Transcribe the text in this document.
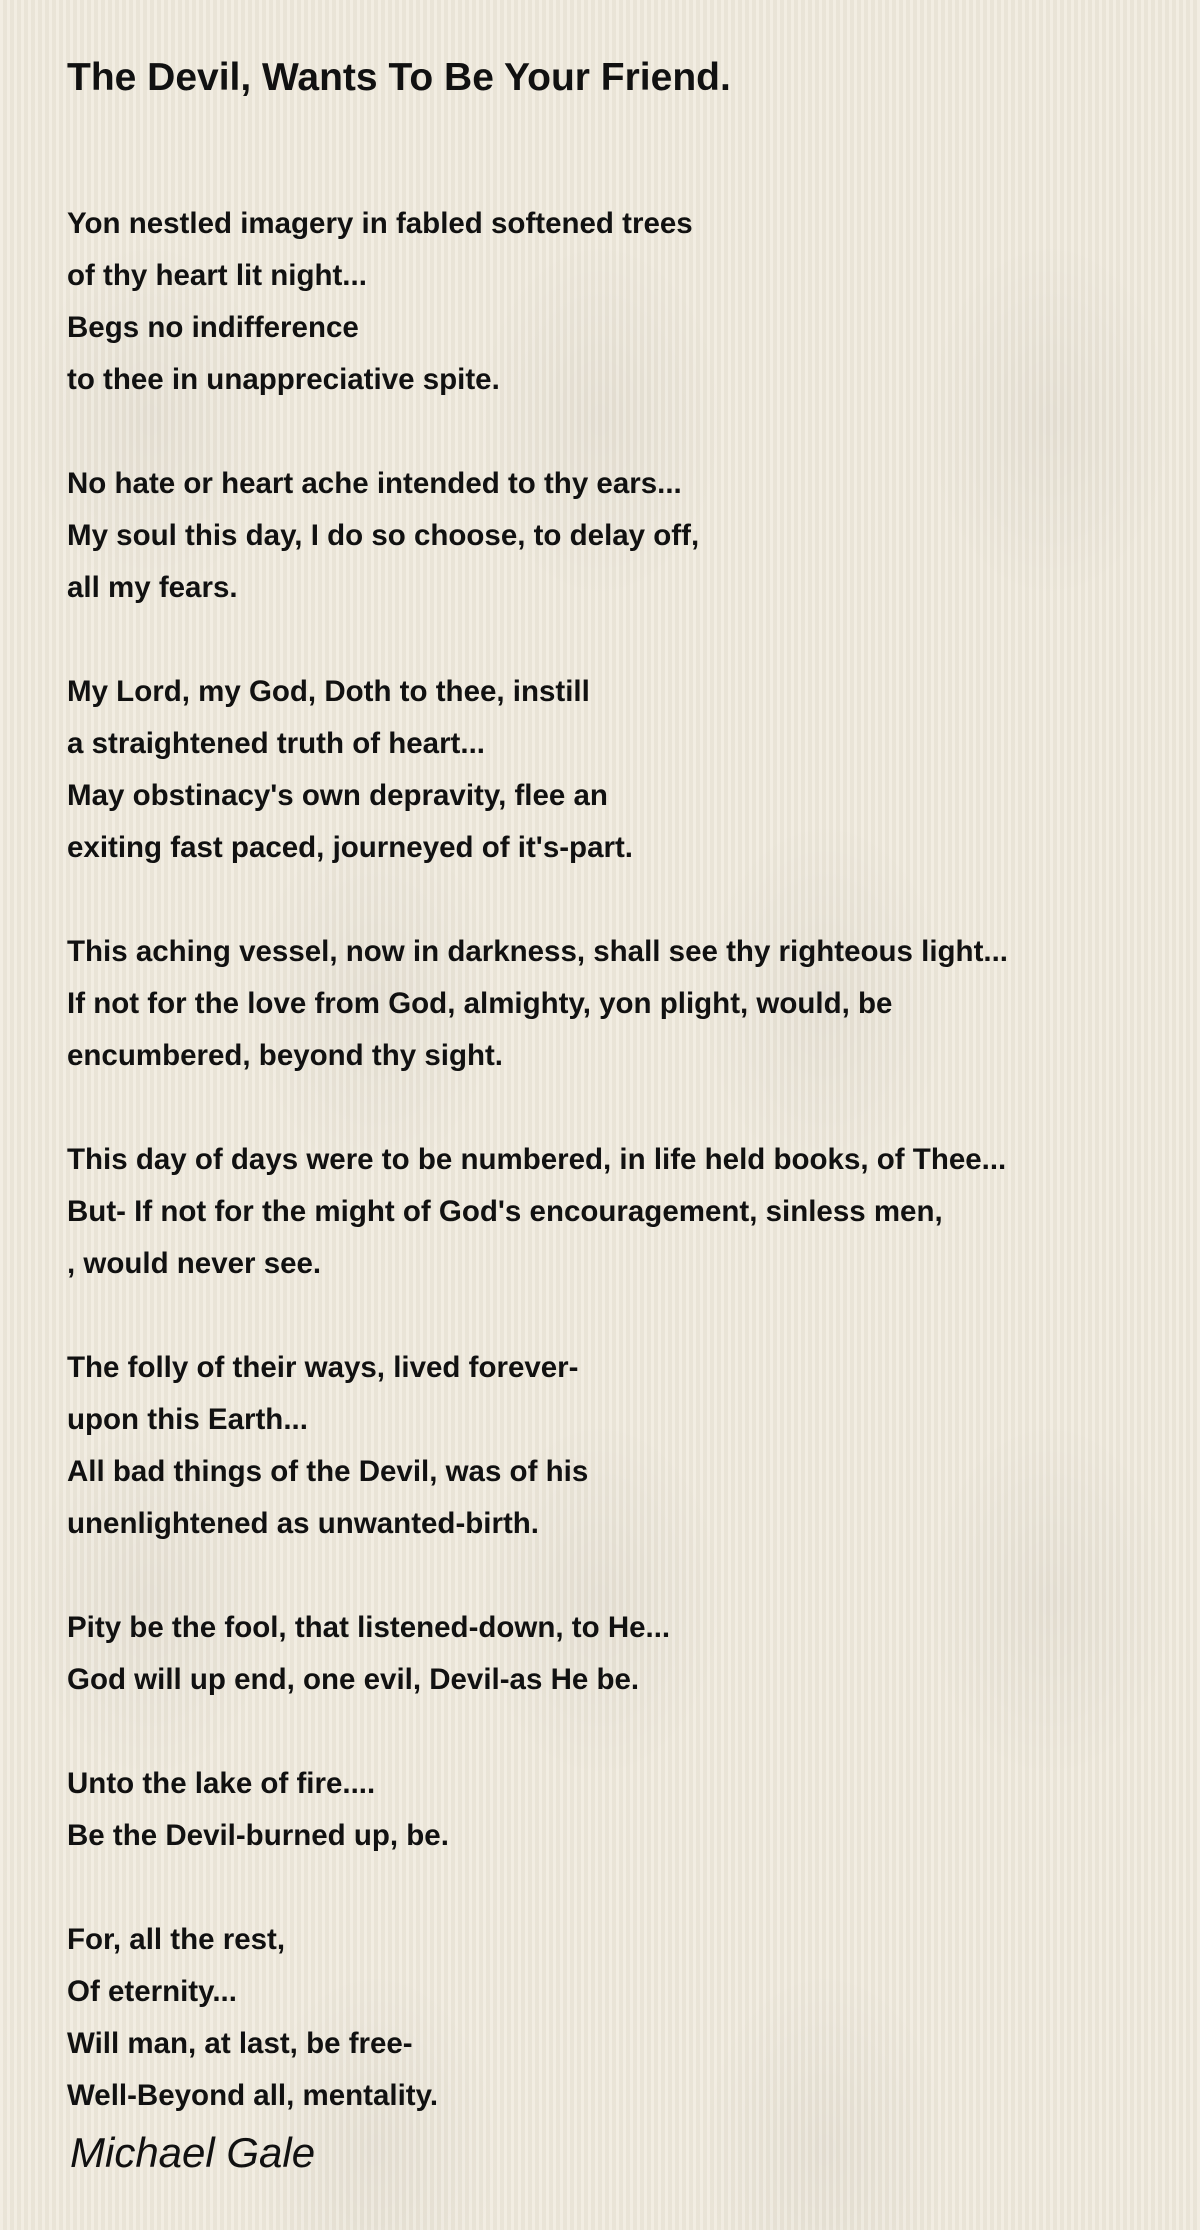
The Devil, Wants To Be Your Friend.
Yon nestled imagery in fabled softened trees
of thy heart lit night...
Begs no indifference
to thee in unappreciative spite.
No hate or heart ache intended to thy ears...
My soul this day, I do so choose, to delay off,
all my fears.
My Lord, my God, Doth to thee, instill
a straightened truth of heart...
May obstinacy's own depravity, flee an
exiting fast paced, journeyed of it's-part.
This aching vessel, now in darkness, shall see thy righteous light...
If not for the love from God, almighty, yon plight, would, be
encumbered, beyond thy sight.
This day of days were to be numbered, in life held books, of Thee...
But- If not for the might of God's encouragement, sinless men,
, would never see.
The folly of their ways, lived forever-
upon this Earth...
All bad things of the Devil, was of his
unenlightened as unwanted-birth.
Pity be the fool, that listened-down, to He...
God will up end, one evil, Devil-as He be.
Unto the lake of fire....
Be the Devil-burned up, be.
For, all the rest,
Of eternity...
Will man, at last, be free-
Well-Beyond all, mentality.
Michael Gale
